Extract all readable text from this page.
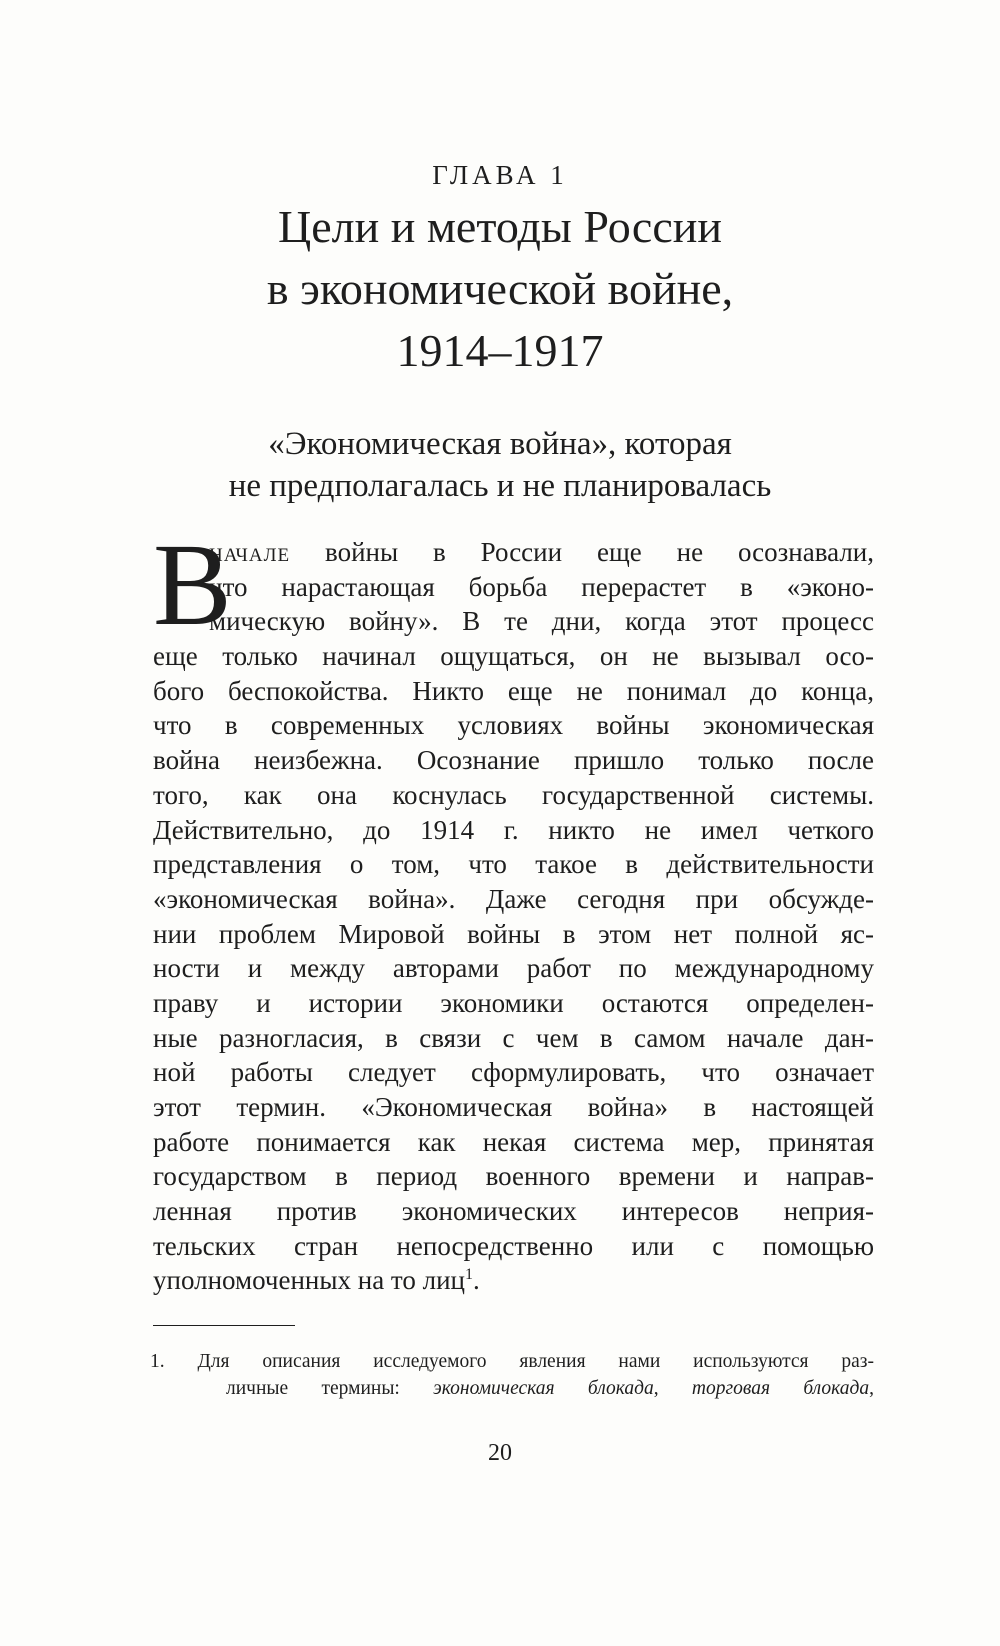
ГЛАВА 1
Цели и методы России
в экономической войне,
1914–1917
«Экономическая война», которая
не предполагалась и не планировалась
В
начале войны в России еще не осознавали,
что нарастающая борьба перерастет в «эконо-
мическую войну». В те дни, когда этот процесс
еще только начинал ощущаться, он не вызывал осо-
бого беспокойства. Никто еще не понимал до конца,
что в современных условиях войны экономическая
война неизбежна. Осознание пришло только после
того, как она коснулась государственной системы.
Действительно, до 1914 г. никто не имел четкого
представления о том, что такое в действительности
«экономическая война». Даже сегодня при обсужде-
нии проблем Мировой войны в этом нет полной яс-
ности и между авторами работ по международному
праву и истории экономики остаются определен-
ные разногласия, в связи с чем в самом начале дан-
ной работы следует сформулировать, что означает
этот термин. «Экономическая война» в настоящей
работе понимается как некая система мер, принятая
государством в период военного времени и направ-
ленная против экономических интересов неприя-
тельских стран непосредственно или с помощью
уполномоченных на то лиц$^1$.
1. Для описания исследуемого явления нами используются раз-
личные термины: экономическая блокада, торговая блокада,
20
